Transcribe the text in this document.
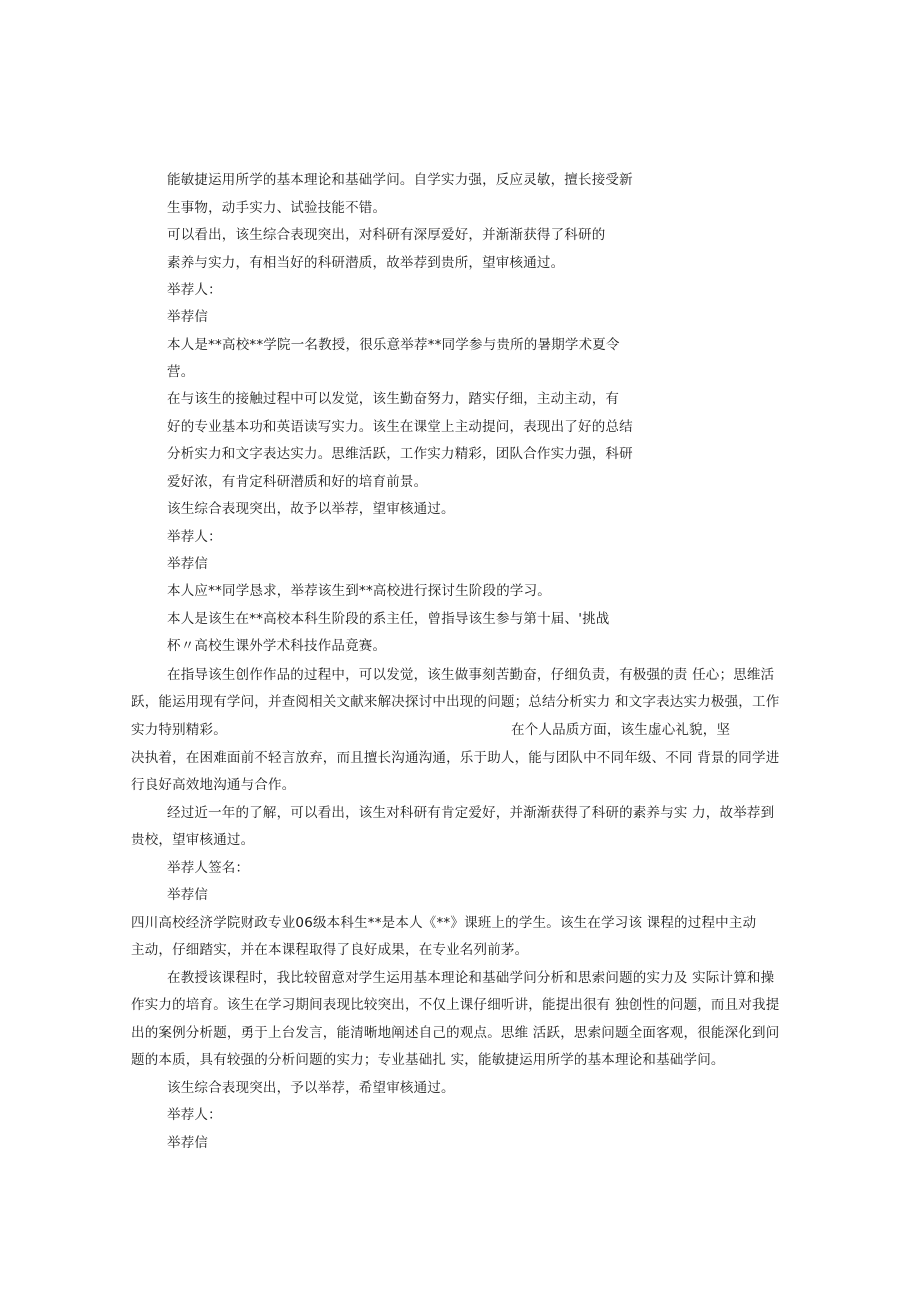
能敏捷运用所学的基本理论和基础学问。自学实力强，反应灵敏，擅长接受新
生事物，动手实力、试验技能不错。
可以看出，该生综合表现突出，对科研有深厚爱好，并渐渐获得了科研的
素养与实力，有相当好的科研潜质，故举荐到贵所，望审核通过。
举荐人：
举荐信
本人是**高校**学院一名教授，很乐意举荐**同学参与贵所的暑期学术夏令
营。
在与该生的接触过程中可以发觉，该生勤奋努力，踏实仔细，主动主动，有
好的专业基本功和英语读写实力。该生在课堂上主动提问，表现出了好的总结
分析实力和文字表达实力。思维活跃，工作实力精彩，团队合作实力强，科研
爱好浓，有肯定科研潜质和好的培育前景。
该生综合表现突出，故予以举荐，望审核通过。
举荐人：
举荐信
本人应**同学恳求，举荐该生到**高校进行探讨生阶段的学习。
本人是该生在**高校本科生阶段的系主任，曾指导该生参与第十届、'挑战
杯〃高校生课外学术科技作品竟赛。
在指导该生创作作品的过程中，可以发觉，该生做事刻苦勤奋，仔细负责，有极强的责 任心；思维活
跃，能运用现有学问，并查阅相关文献来解决探讨中出现的问题；总结分析实力 和文字表达实力极强，工作
实力特别精彩。	在个人品质方面，该生虚心礼貌，坚
决执着，在困难面前不轻言放弃，而且擅长沟通沟通，乐于助人，能与团队中不同年级、不同 背景的同学进
行良好高效地沟通与合作。
经过近一年的了解，可以看出，该生对科研有肯定爱好，并渐渐获得了科研的素养与实 力，故举荐到
贵校，望审核通过。
举荐人签名：
举荐信
四川高校经济学院财政专业06级本科生**是本人《**》课班上的学生。该生在学习该 课程的过程中主动
主动，仔细踏实，并在本课程取得了良好成果，在专业名列前茅。
在教授该课程时，我比较留意对学生运用基本理论和基础学问分析和思索问题的实力及 实际计算和操
作实力的培育。该生在学习期间表现比较突出，不仅上课仔细听讲，能提出很有 独创性的问题，而且对我提
出的案例分析题，勇于上台发言，能清晰地阐述自己的观点。思维 活跃，思索问题全面客观，很能深化到问
题的本质，具有较强的分析问题的实力；专业基础扎 实，能敏捷运用所学的基本理论和基础学问。
该生综合表现突出，予以举荐，希望审核通过。
举荐人：
举荐信
